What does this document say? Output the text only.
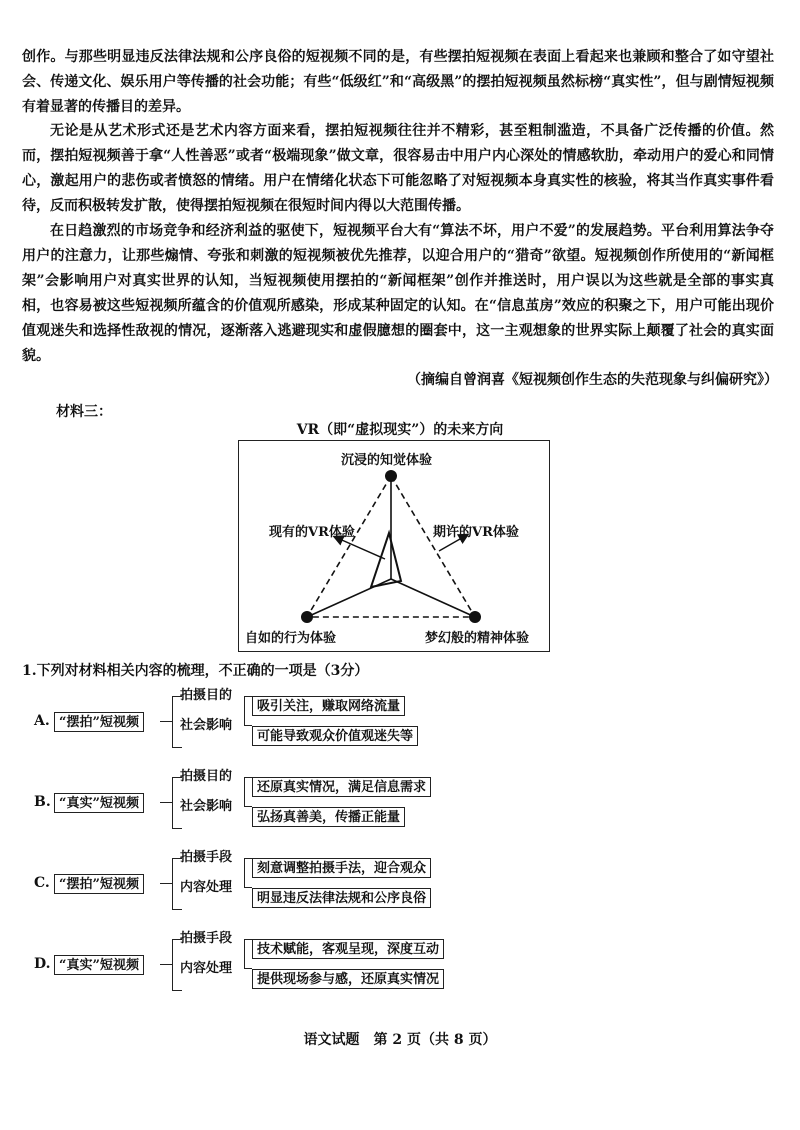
创作。与那些明显违反法律法规和公序良俗的短视频不同的是，有些摆拍短视频在表面上看起来也兼顾和整合了如守望社会、传递文化、娱乐用户等传播的社会功能；有些“低级红”和“高级黑”的摆拍短视频虽然标榜“真实性”，但与剧情短视频有着显著的传播目的差异。

无论是从艺术形式还是艺术内容方面来看，摆拍短视频往往并不精彩，甚至粗制滥造，不具备广泛传播的价值。然而，摆拍短视频善于拿“人性善恶”或者“极端现象”做文章，很容易击中用户内心深处的情感软肋，牵动用户的爱心和同情心，激起用户的悲伤或者愤怒的情绪。用户在情绪化状态下可能忽略了对短视频本身真实性的核验，将其当作真实事件看待，反而积极转发扩散，使得摆拍短视频在很短时间内得以大范围传播。

在日趋激烈的市场竞争和经济利益的驱使下，短视频平台大有“算法不坏，用户不爱”的发展趋势。平台利用算法争夺用户的注意力，让那些煽情、夸张和刺激的短视频被优先推荐，以迎合用户的“猎奇”欲望。短视频创作所使用的“新闻框架”会影响用户对真实世界的认知，当短视频使用摆拍的“新闻框架”创作并推送时，用户误以为这些就是全部的事实真相，也容易被这些短视频所蕴含的价值观所感染，形成某种固定的认知。在“信息茧房”效应的积聚之下，用户可能出现价值观迷失和选择性敌视的情况，逐渐落入逃避现实和虚假臆想的圈套中，这一主观想象的世界实际上颠覆了社会的真实面貌。

（摘编自曾润喜《短视频创作生态的失范现象与纠偏研究》）
材料三：
VR（即“虚拟现实”）的未来方向
沉浸的知觉体验
现有的VR体验	期许的VR体验
自如的行为体验	梦幻般的精神体验
1.下列对材料相关内容的梳理，不正确的一项是（3分）
A. “摆拍”短视频
拍摄目的
社会影响
吸引关注，赚取网络流量
可能导致观众价值观迷失等
B. “真实”短视频
拍摄目的
社会影响
还原真实情况，满足信息需求
弘扬真善美，传播正能量
C. “摆拍”短视频
拍摄手段
内容处理
刻意调整拍摄手法，迎合观众
明显违反法律法规和公序良俗
D. “真实”短视频
拍摄手段
内容处理
技术赋能，客观呈现，深度互动
提供现场参与感，还原真实情况
语文试题　第 2 页（共 8 页）
